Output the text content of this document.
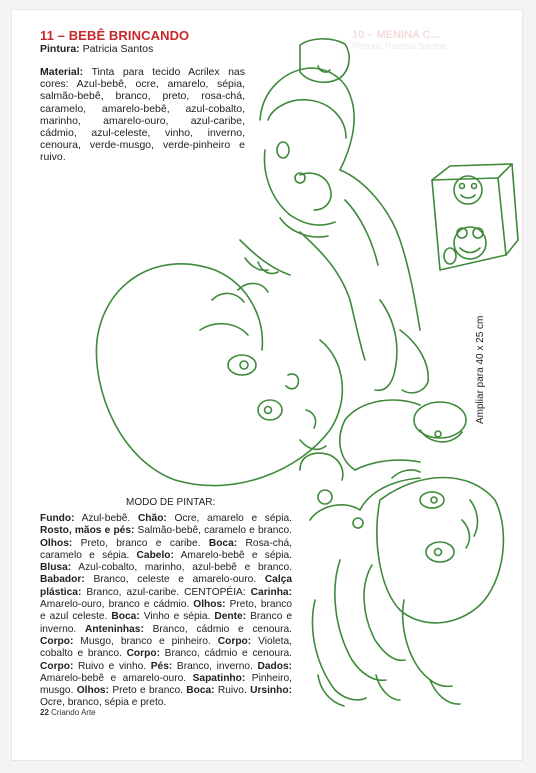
10 – MENINA C...
Pintura: Patrícia Santos
11 – BEBÊ BRINCANDO
Pintura: Patricia Santos
Material: Tinta para tecido Acrilex nas cores: Azul-bebê, ocre, amarelo, sépia, salmão-bebê, branco, preto, rosa-chá, caramelo, amarelo-bebê, azul-cobalto, marinho, amarelo-ouro, azul-caribe, cádmio, azul-celeste, vinho, inverno, cenoura, verde-musgo, verde-pinheiro e ruivo.
Ampliar para 40 x 25 cm
MODO DE PINTAR:
Fundo: Azul-bebê. Chão: Ocre, amarelo e sépia. Rosto, mãos e pés: Salmão-bebê, caramelo e branco. Olhos: Preto, branco e caribe. Boca: Rosa-chá, caramelo e sépia. Cabelo: Amarelo-bebê e sépia. Blusa: Azul-cobalto, marinho, azul-bebê e branco. Babador: Branco, celeste e amarelo-ouro. Calça plástica: Branco, azul-caribe. CENTOPÉIA: Carinha: Amarelo-ouro, branco e cádmio. Olhos: Preto, branco e azul celeste. Boca: Vinho e sépia. Dente: Branco e inverno. Anteninhas: Branco, cádmio e cenoura. Corpo: Musgo, branco e pinheiro. Corpo: Violeta, cobalto e branco. Corpo: Branco, cádmio e cenoura. Corpo: Ruivo e vinho. Pés: Branco, inverno. Dados: Amarelo-bebê e amarelo-ouro. Sapatinho: Pinheiro, musgo. Olhos: Preto e branco. Boca: Ruivo. Ursinho: Ocre, branco, sépia e preto.
22 Criando Arte
